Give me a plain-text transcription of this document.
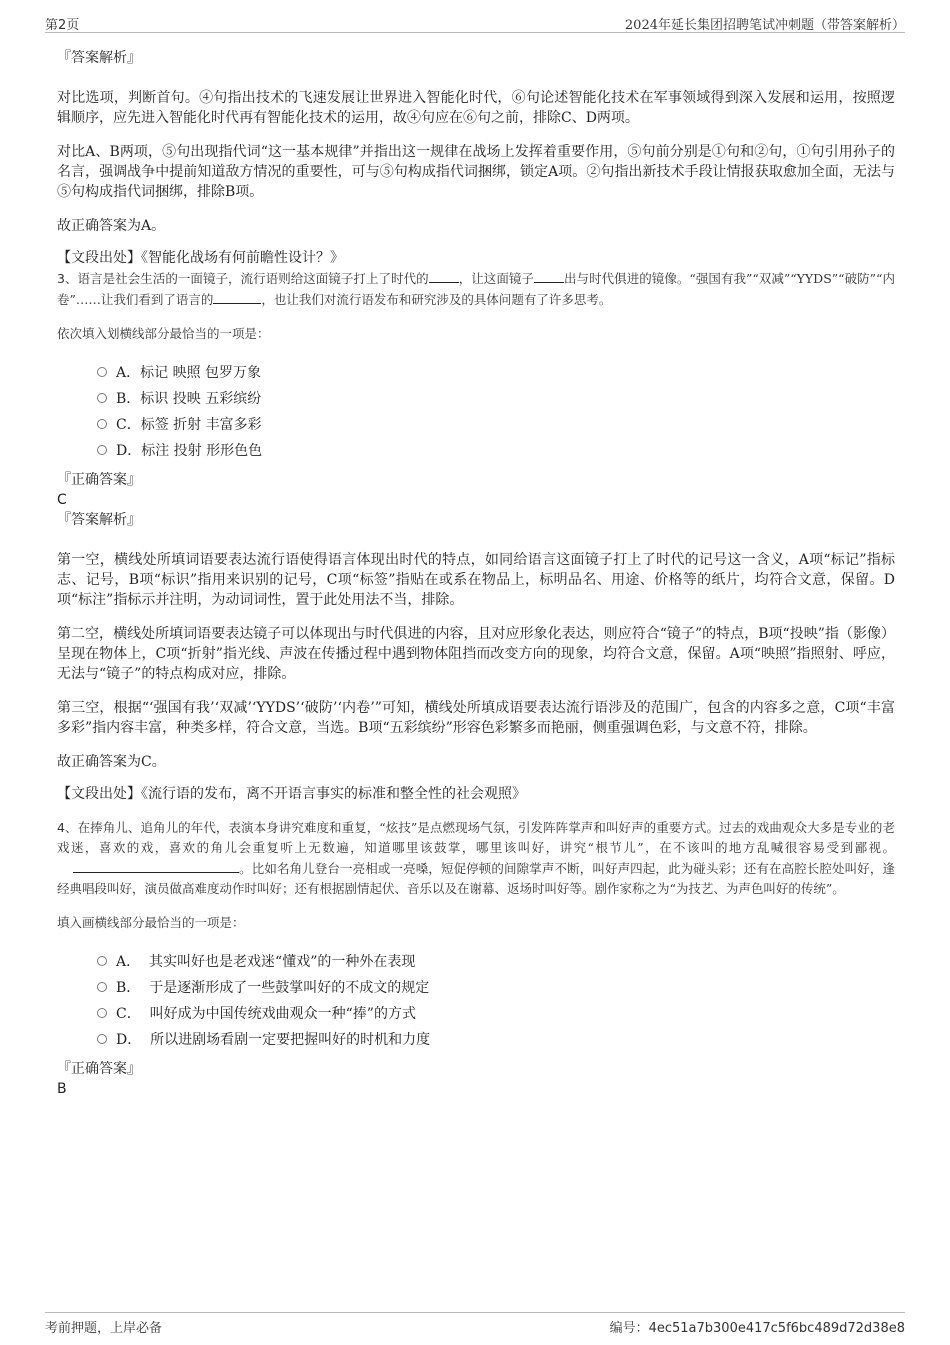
第2页	2024年延长集团招聘笔试冲刺题（带答案解析）

『答案解析』

对比选项，判断首句。④句指出技术的飞速发展让世界进入智能化时代，⑥句论述智能化技术在军事领域得到深入发展和运用，按照逻辑顺序，应先进入智能化时代再有智能化技术的运用，故④句应在⑥句之前，排除C、D两项。

对比A、B两项，⑤句出现指代词“这一基本规律”并指出这一规律在战场上发挥着重要作用，⑤句前分别是①句和②句，①句引用孙子的名言，强调战争中提前知道敌方情况的重要性，可与⑤句构成指代词捆绑，锁定A项。②句指出新技术手段让情报获取愈加全面，无法与⑤句构成指代词捆绑，排除B项。

故正确答案为A。

【文段出处】《智能化战场有何前瞻性设计？》

3、语言是社会生活的一面镜子，流行语则给这面镜子打上了时代的 ，让这面镜子 出与时代俱进的镜像。“强国有我”“双减”“YYDS”“破防”“内卷”……让我们看到了语言的	，也让我们对流行语发布和研究涉及的具体问题有了许多思考。

依次填入划横线部分最恰当的一项是：

A．标记 映照 包罗万象
B．标识 投映 五彩缤纷
C．标签 折射 丰富多彩
D．标注 投射 形形色色

『正确答案』

C

『答案解析』

第一空，横线处所填词语要表达流行语使得语言体现出时代的特点，如同给语言这面镜子打上了时代的记号这一含义，A项“标记”指标志、记号，B项“标识”指用来识别的记号，C项“标签”指贴在或系在物品上，标明品名、用途、价格等的纸片，均符合文意，保留。D项“标注”指标示并注明，为动词词性，置于此处用法不当，排除。

第二空，横线处所填词语要表达镜子可以体现出与时代俱进的内容，且对应形象化表达，则应符合“镜子”的特点，B项“投映”指（影像）呈现在物体上，C项“折射”指光线、声波在传播过程中遇到物体阻挡而改变方向的现象，均符合文意，保留。A项“映照”指照射、呼应，无法与“镜子”的特点构成对应，排除。

第三空，根据“‘强国有我’‘双减’‘YYDS’‘破防’‘内卷’”可知，横线处所填成语要表达流行语涉及的范围广，包含的内容多之意，C项“丰富多彩”指内容丰富，种类多样，符合文意，当选。B项“五彩缤纷”形容色彩繁多而艳丽，侧重强调色彩，与文意不符，排除。

故正确答案为C。

【文段出处】《流行语的发布，离不开语言事实的标准和整全性的社会观照》

4、在捧角儿、追角儿的年代，表演本身讲究难度和重复，“炫技”是点燃现场气氛，引发阵阵掌声和叫好声的重要方式。过去的戏曲观众大多是专业的老戏迷，喜欢的戏，喜欢的角儿会重复听上无数遍，知道哪里该鼓掌，哪里该叫好，讲究“根节儿”，在不该叫的地方乱喊很容易受到鄙视。。比如名角儿登台一亮相或一亮嗓，短促停顿的间隙掌声不断，叫好声四起，此为碰头彩；还有在高腔长腔处叫好，逢经典唱段叫好，演员做高难度动作时叫好；还有根据剧情起伏、音乐以及在谢幕、返场时叫好等。剧作家称之为“为技艺、为声色叫好的传统”。

填入画横线部分最恰当的一项是：

A． 其实叫好也是老戏迷“懂戏”的一种外在表现
B． 于是逐渐形成了一些鼓掌叫好的不成文的规定
C． 叫好成为中国传统戏曲观众一种“捧”的方式
D． 所以进剧场看剧一定要把握叫好的时机和力度

『正确答案』

B

考前押题，上岸必备	编号：4ec51a7b300e417c5f6bc489d72d38e8
